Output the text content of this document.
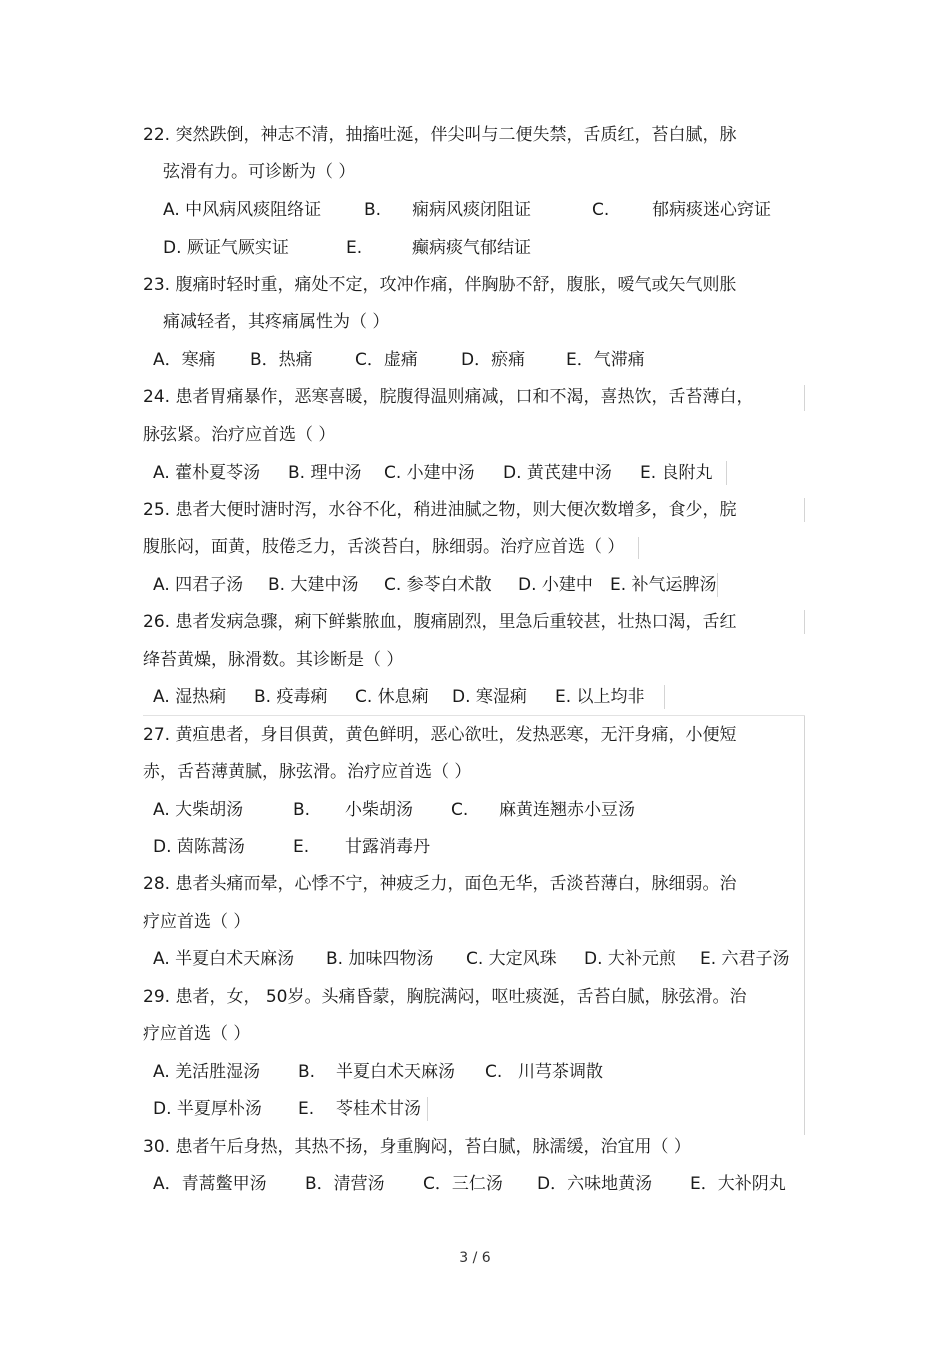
22. 突然跌倒，神志不清，抽搐吐涎，伴尖叫与二便失禁，舌质红，苔白腻，脉
弦滑有力。可诊断为（ ）
A. 中风病风痰阻络证	B. 痫病风痰闭阻证	C.	郁病痰迷心窍证
D. 厥证气厥实证	E.	癫病痰气郁结证
23. 腹痛时轻时重，痛处不定，攻冲作痛，伴胸胁不舒，腹胀，嗳气或矢气则胀
痛减轻者，其疼痛属性为（ ）
A．寒痛 B．热痛 C．虚痛	D．瘀痛 E．气滞痛
24. 患者胃痛暴作，恶寒喜暖，脘腹得温则痛减，口和不渴，喜热饮，舌苔薄白，
脉弦紧。治疗应首选（ ）
A. 藿朴夏苓汤 B. 理中汤 C. 小建中汤 D. 黄芪建中汤 E. 良附丸
25. 患者大便时溏时泻，水谷不化，稍进油腻之物，则大便次数增多，食少，脘
腹胀闷，面黄，肢倦乏力，舌淡苔白，脉细弱。治疗应首选（ ）
A. 四君子汤 B. 大建中汤 C. 参苓白术散 D. 小建中 E. 补气运脾汤
26. 患者发病急骤，痢下鲜紫脓血，腹痛剧烈，里急后重较甚，壮热口渴，舌红
绛苔黄燥，脉滑数。其诊断是（ ）
A. 湿热痢 B. 疫毒痢 C. 休息痢 D. 寒湿痢 E. 以上均非
27. 黄疸患者，身目俱黄，黄色鲜明，恶心欲吐，发热恶寒，无汗身痛，小便短
赤，舌苔薄黄腻，脉弦滑。治疗应首选（ ）
A. 大柴胡汤	B. 小柴胡汤 C. 麻黄连翘赤小豆汤
D. 茵陈蒿汤	E. 甘露消毒丹
28. 患者头痛而晕，心悸不宁，神疲乏力，面色无华，舌淡苔薄白，脉细弱。治
疗应首选（ ）
A. 半夏白术天麻汤 B. 加味四物汤 C. 大定风珠 D. 大补元煎 E. 六君子汤
29. 患者，女， 50岁。头痛昏蒙，胸脘满闷，呕吐痰涎，舌苔白腻，脉弦滑。治
疗应首选（ ）
A. 羌活胜湿汤 B. 半夏白术天麻汤 C. 川芎茶调散
D. 半夏厚朴汤 E. 苓桂术甘汤
30. 患者午后身热，其热不扬，身重胸闷，苔白腻，脉濡缓，治宜用（ ）
A．青蒿鳖甲汤 B．清营汤 C．三仁汤 D．六味地黄汤 E．大补阴丸
3 / 6
